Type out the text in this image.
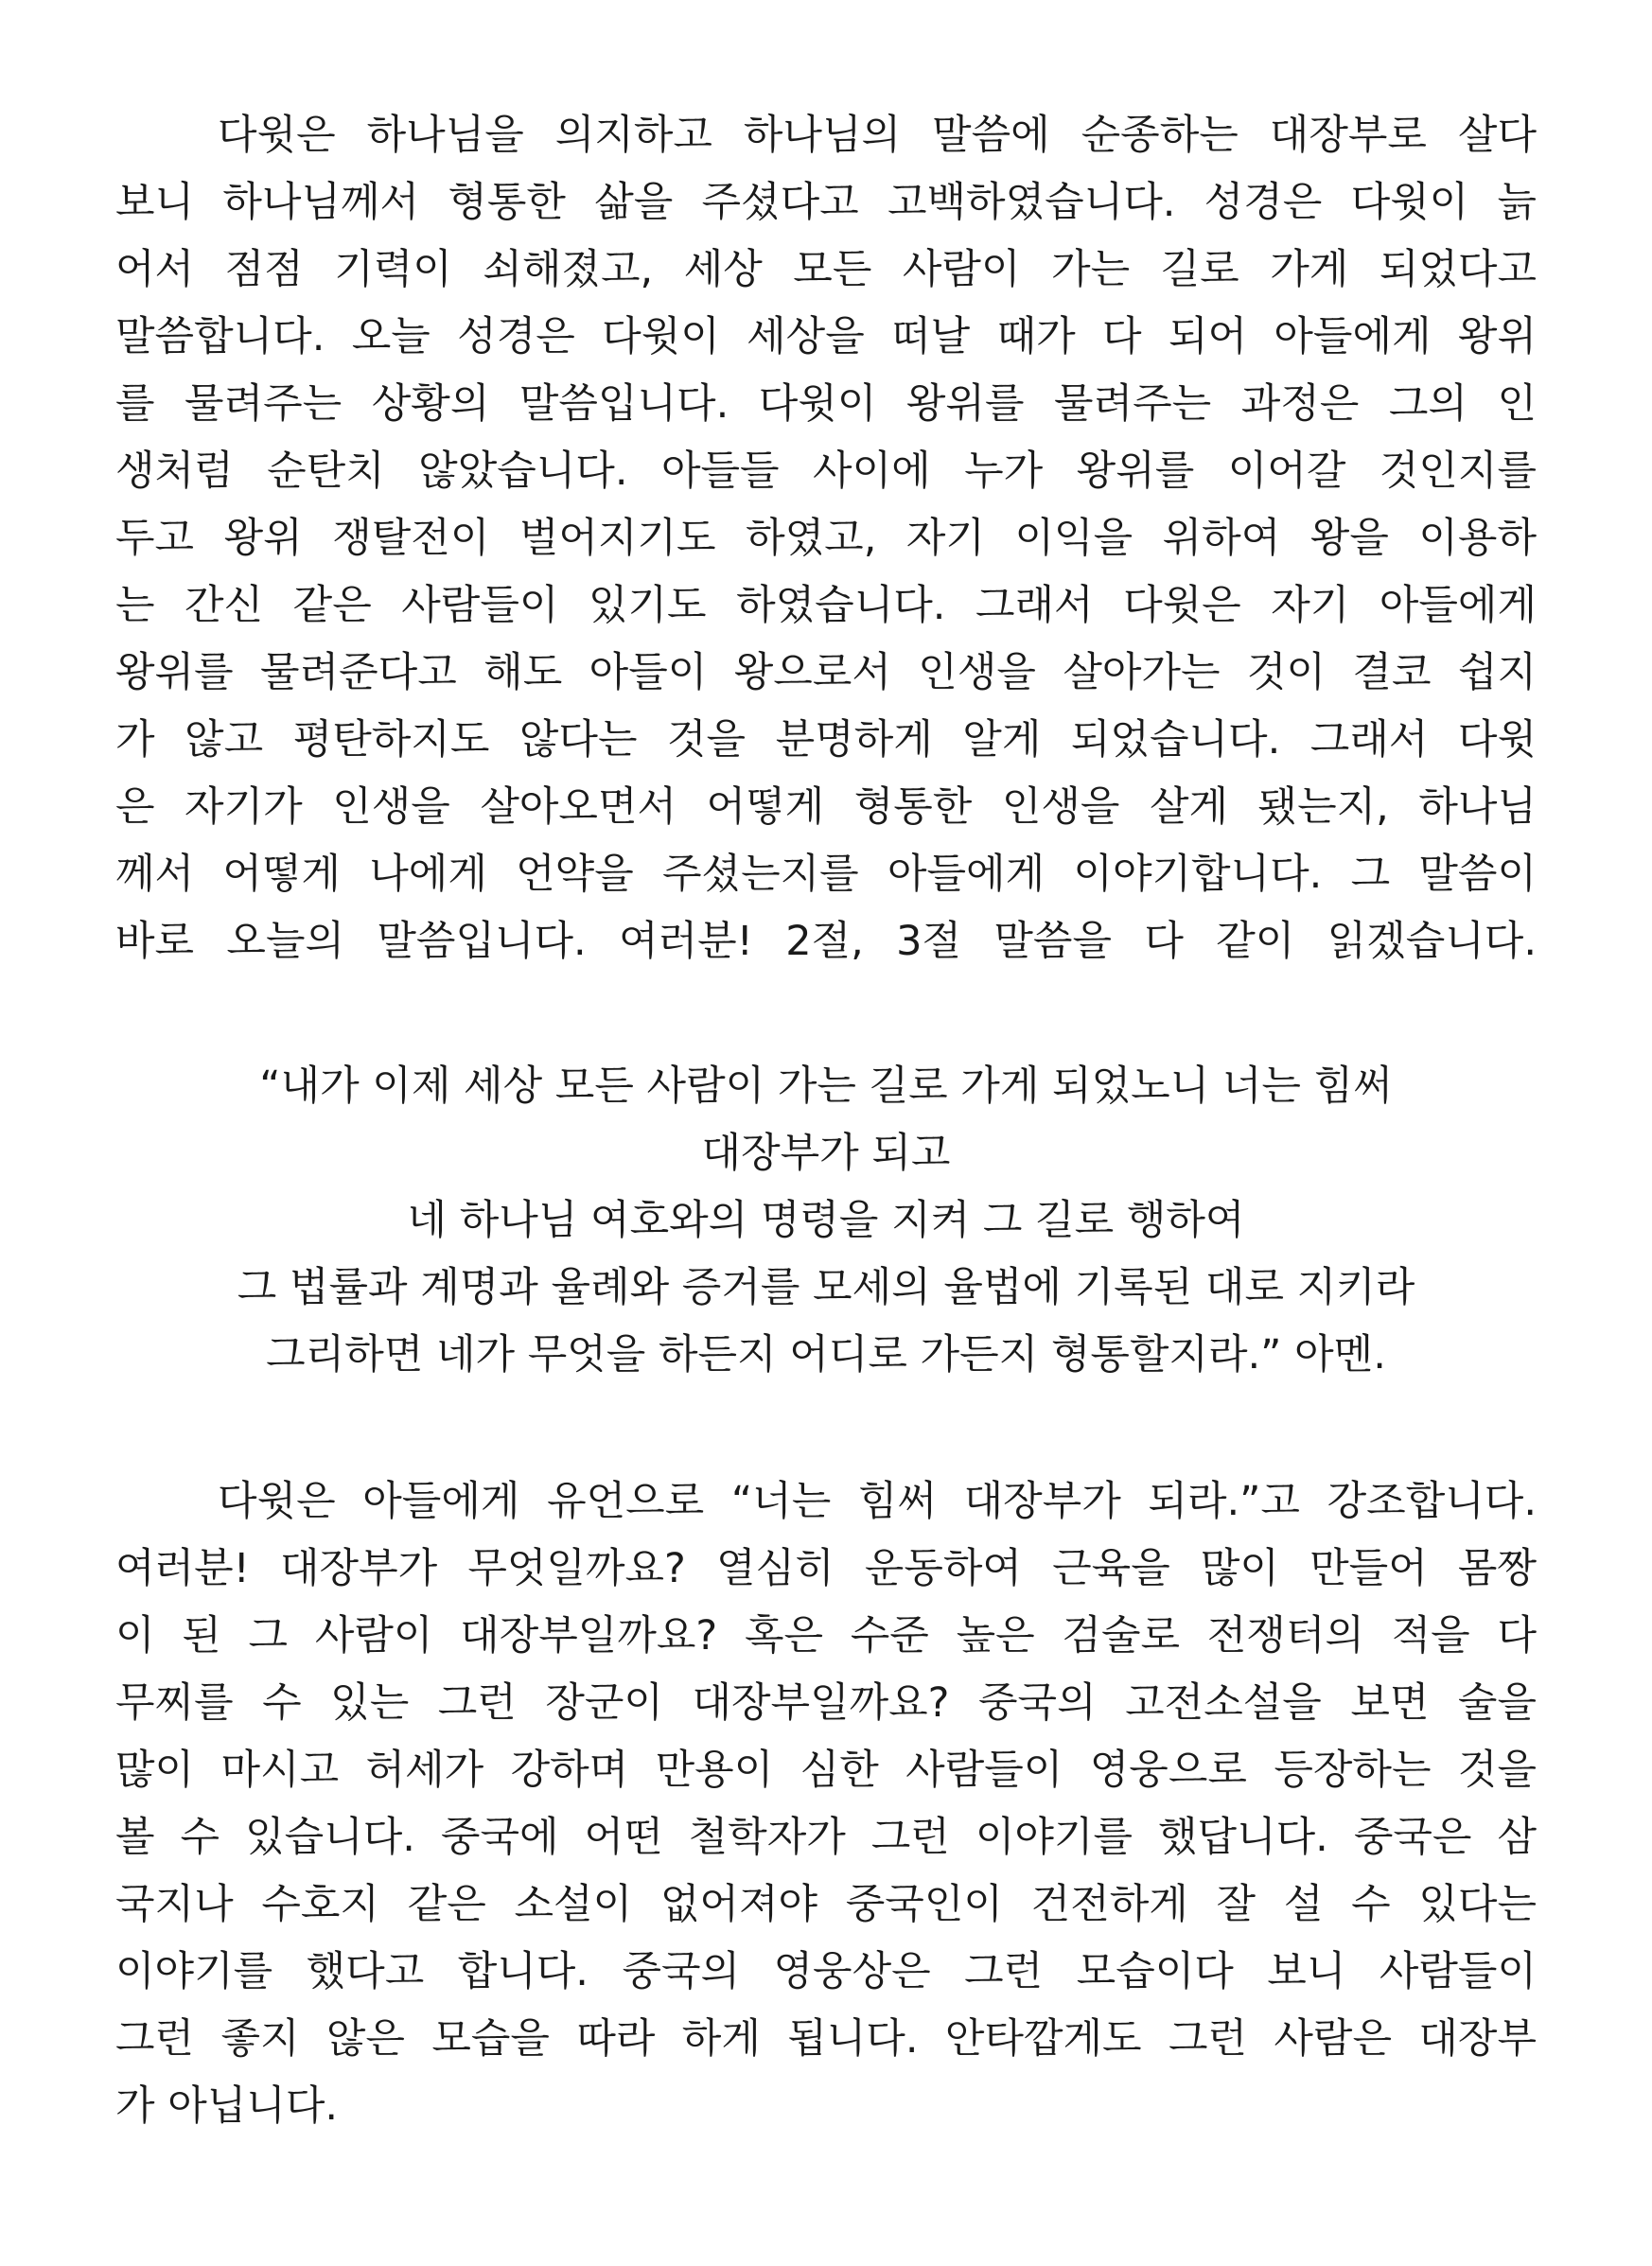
다윗은 하나님을 의지하고 하나님의 말씀에 순종하는 대장부로 살다
보니 하나님께서 형통한 삶을 주셨다고 고백하였습니다. 성경은 다윗이 늙
어서 점점 기력이 쇠해졌고, 세상 모든 사람이 가는 길로 가게 되었다고
말씀합니다. 오늘 성경은 다윗이 세상을 떠날 때가 다 되어 아들에게 왕위
를 물려주는 상황의 말씀입니다. 다윗이 왕위를 물려주는 과정은 그의 인
생처럼 순탄치 않았습니다. 아들들 사이에 누가 왕위를 이어갈 것인지를
두고 왕위 쟁탈전이 벌어지기도 하였고, 자기 이익을 위하여 왕을 이용하
는 간신 같은 사람들이 있기도 하였습니다. 그래서 다윗은 자기 아들에게
왕위를 물려준다고 해도 아들이 왕으로서 인생을 살아가는 것이 결코 쉽지
가 않고 평탄하지도 않다는 것을 분명하게 알게 되었습니다. 그래서 다윗
은 자기가 인생을 살아오면서 어떻게 형통한 인생을 살게 됐는지, 하나님
께서 어떻게 나에게 언약을 주셨는지를 아들에게 이야기합니다. 그 말씀이
바로 오늘의 말씀입니다. 여러분! 2절, 3절 말씀을 다 같이 읽겠습니다.
“내가 이제 세상 모든 사람이 가는 길로 가게 되었노니 너는 힘써
대장부가 되고
네 하나님 여호와의 명령을 지켜 그 길로 행하여
그 법률과 계명과 율례와 증거를 모세의 율법에 기록된 대로 지키라
그리하면 네가 무엇을 하든지 어디로 가든지 형통할지라.” 아멘.
다윗은 아들에게 유언으로 “너는 힘써 대장부가 되라.”고 강조합니다.
여러분! 대장부가 무엇일까요? 열심히 운동하여 근육을 많이 만들어 몸짱
이 된 그 사람이 대장부일까요? 혹은 수준 높은 검술로 전쟁터의 적을 다
무찌를 수 있는 그런 장군이 대장부일까요? 중국의 고전소설을 보면 술을
많이 마시고 허세가 강하며 만용이 심한 사람들이 영웅으로 등장하는 것을
볼 수 있습니다. 중국에 어떤 철학자가 그런 이야기를 했답니다. 중국은 삼
국지나 수호지 같은 소설이 없어져야 중국인이 건전하게 잘 설 수 있다는
이야기를 했다고 합니다. 중국의 영웅상은 그런 모습이다 보니 사람들이
그런 좋지 않은 모습을 따라 하게 됩니다. 안타깝게도 그런 사람은 대장부
가 아닙니다.
